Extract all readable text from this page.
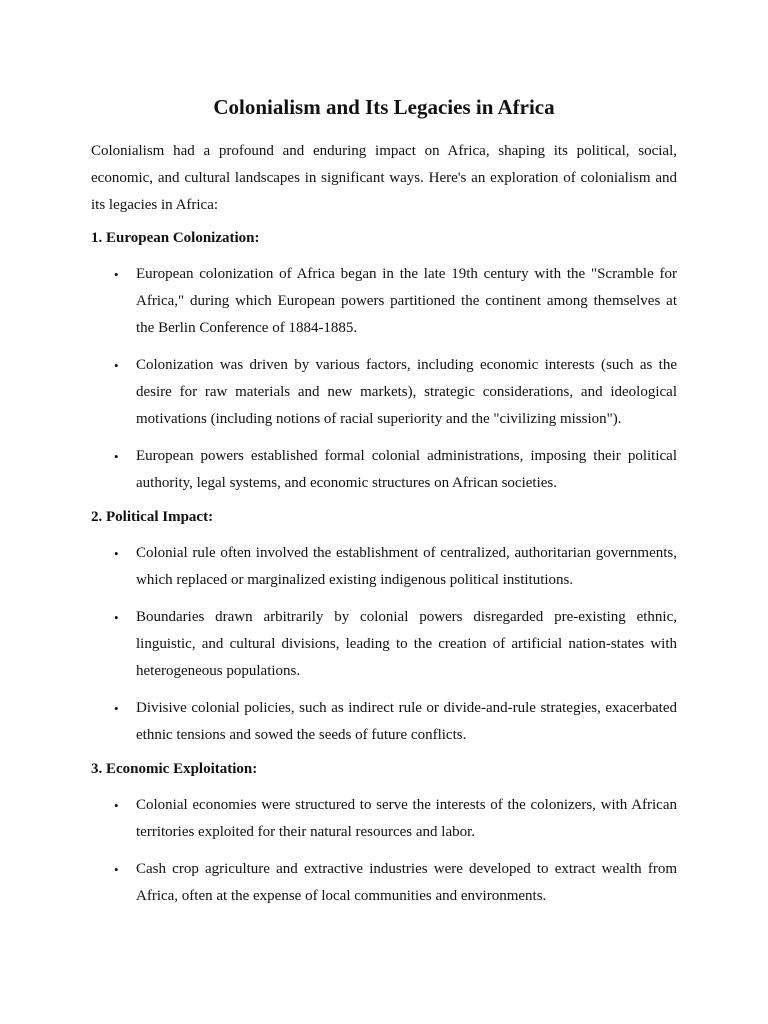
Colonialism and Its Legacies in Africa

Colonialism had a profound and enduring impact on Africa, shaping its political, social, economic, and cultural landscapes in significant ways. Here's an exploration of colonialism and its legacies in Africa:

1. European Colonization:
• European colonization of Africa began in the late 19th century with the "Scramble for Africa," during which European powers partitioned the continent among themselves at the Berlin Conference of 1884-1885.
• Colonization was driven by various factors, including economic interests (such as the desire for raw materials and new markets), strategic considerations, and ideological motivations (including notions of racial superiority and the "civilizing mission").
• European powers established formal colonial administrations, imposing their political authority, legal systems, and economic structures on African societies.
2. Political Impact:
• Colonial rule often involved the establishment of centralized, authoritarian governments, which replaced or marginalized existing indigenous political institutions.
• Boundaries drawn arbitrarily by colonial powers disregarded pre-existing ethnic, linguistic, and cultural divisions, leading to the creation of artificial nation-states with heterogeneous populations.
• Divisive colonial policies, such as indirect rule or divide-and-rule strategies, exacerbated ethnic tensions and sowed the seeds of future conflicts.
3. Economic Exploitation:
• Colonial economies were structured to serve the interests of the colonizers, with African territories exploited for their natural resources and labor.
• Cash crop agriculture and extractive industries were developed to extract wealth from Africa, often at the expense of local communities and environments.
